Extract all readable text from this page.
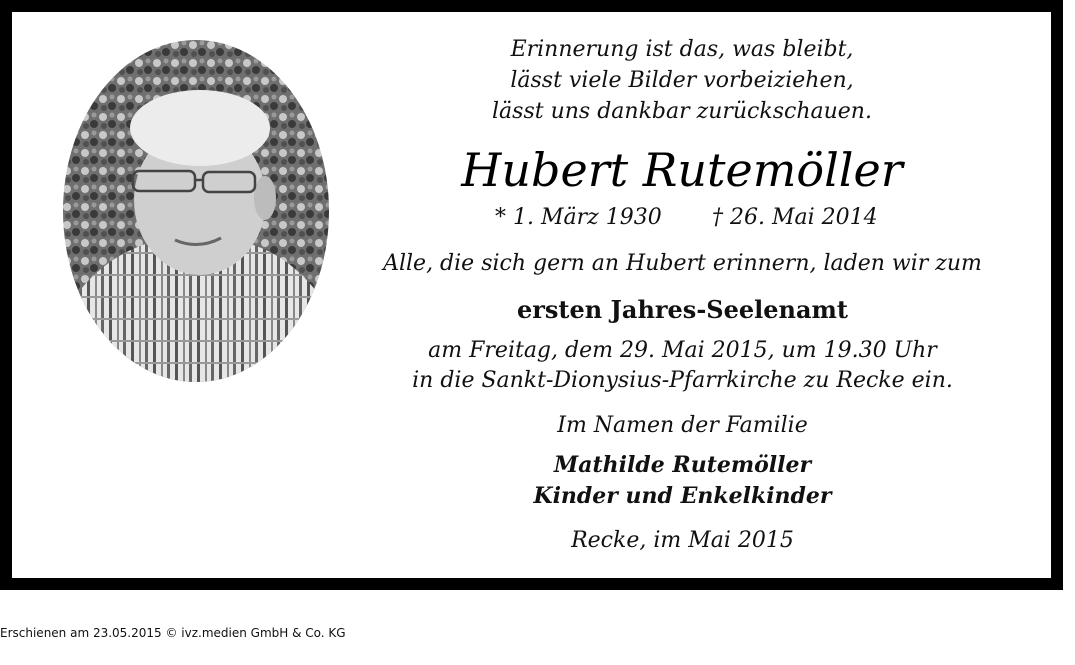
Erinnerung ist das, was bleibt,
lässt viele Bilder vorbeiziehen,
lässt uns dankbar zurückschauen.
Hubert Rutemöller
* 1. März 1930 † 26. Mai 2014
Alle, die sich gern an Hubert erinnern, laden wir zum
ersten Jahres-Seelenamt
am Freitag, dem 29. Mai 2015, um 19.30 Uhr
in die Sankt-Dionysius-Pfarrkirche zu Recke ein.
Im Namen der Familie
Mathilde Rutemöller
Kinder und Enkelkinder
Recke, im Mai 2015
Erschienen am 23.05.2015 © ivz.medien GmbH & Co. KG
